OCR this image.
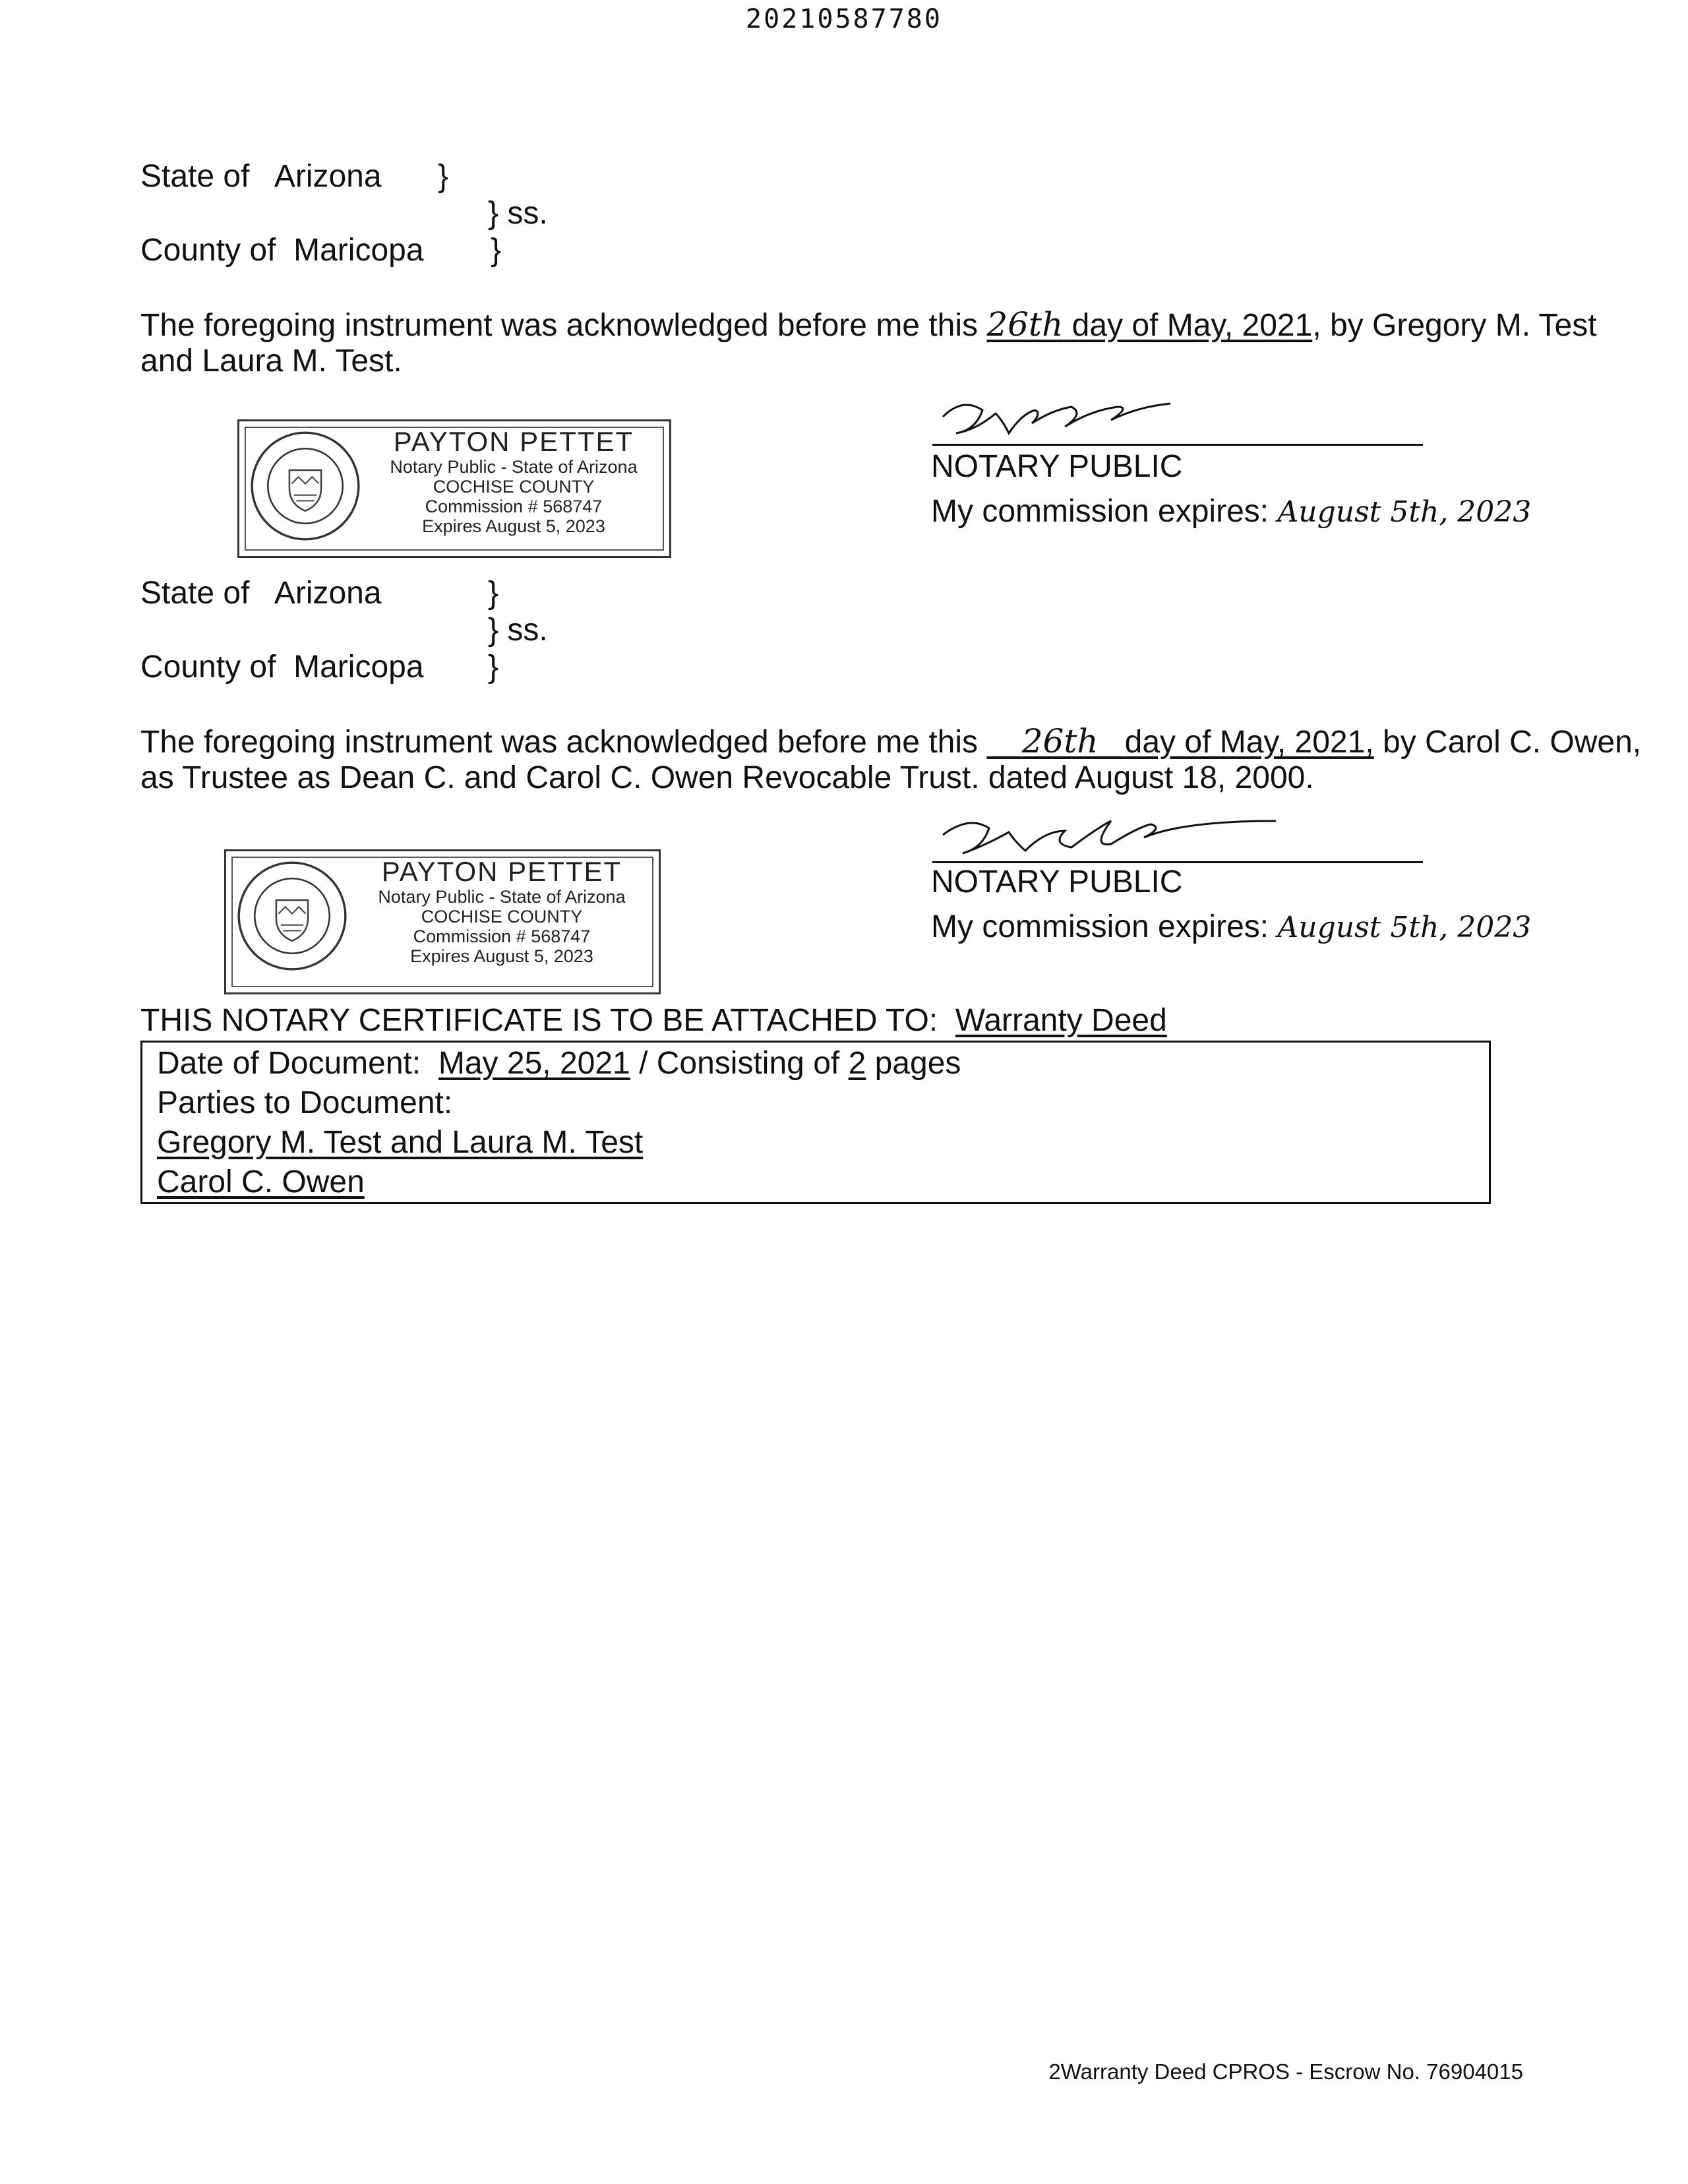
20210587780
State of Arizona }
} ss.
County of Maricopa }
The foregoing instrument was acknowledged before me this 26th day of May, 2021, by Gregory M. Test
and Laura M. Test.
PAYTON PETTET
Notary Public - State of Arizona
COCHISE COUNTY
Commission # 568747
Expires August 5, 2023
NOTARY PUBLIC
My commission expires: August 5th, 2023
State of Arizona	}
} ss.
County of Maricopa }
The foregoing instrument was acknowledged before me this 26th day of May, 2021, by Carol C. Owen,
as Trustee as Dean C. and Carol C. Owen Revocable Trust. dated August 18, 2000.
PAYTON PETTET
Notary Public - State of Arizona
COCHISE COUNTY
Commission # 568747
Expires August 5, 2023
NOTARY PUBLIC
My commission expires: August 5th, 2023
THIS NOTARY CERTIFICATE IS TO BE ATTACHED TO: Warranty Deed
Date of Document: May 25, 2021 / Consisting of 2 pages
Parties to Document:
Gregory M. Test and Laura M. Test
Carol C. Owen
2Warranty Deed CPROS - Escrow No. 76904015
